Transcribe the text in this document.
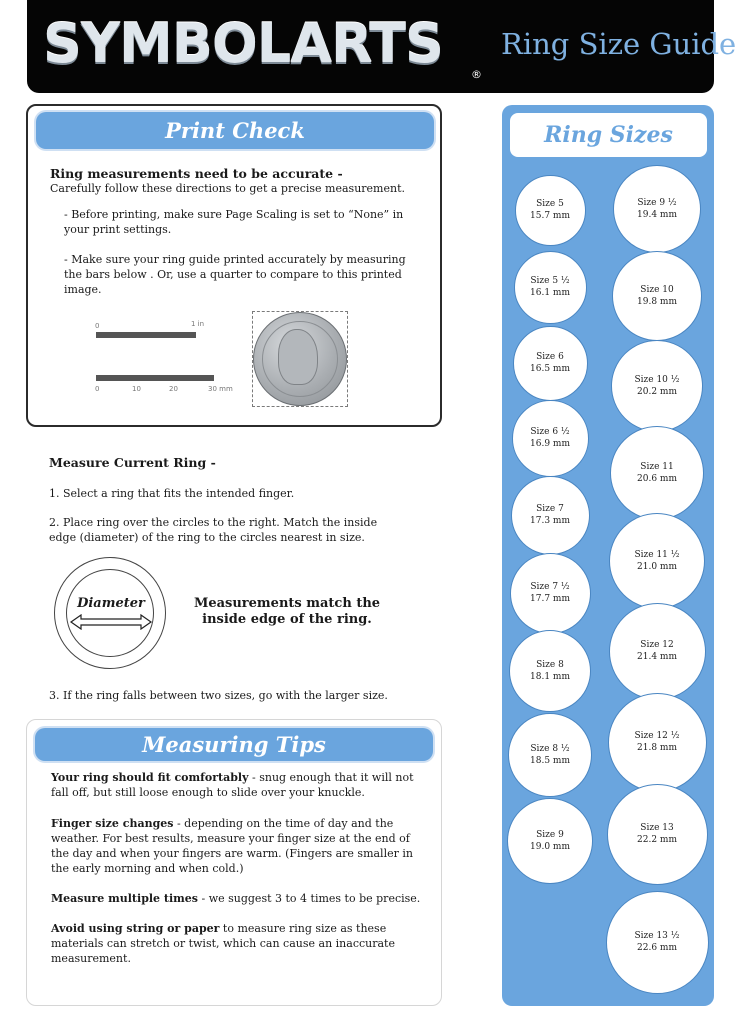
SYMBOLARTS	®
Ring Size Guide
Print Check
Ring measurements need to be accurate -
Carefully follow these directions to get a precise measurement.
- Before printing, make sure Page Scaling is set to “None” in your print settings.
- Make sure your ring guide printed accurately by measuring the bars below . Or, use a quarter to compare to this printed image.
0	1 in
0	10	20	30 mm
Measure Current Ring -
1. Select a ring that fits the intended finger.
2. Place ring over the circles to the right. Match the inside edge (diameter) of the ring to the circles nearest in size.
Diameter	Measurements match the inside edge of the ring.
3. If the ring falls between two sizes, go with the larger size.
Measuring Tips
Your ring should fit comfortably - snug enough that it will not fall off, but still loose enough to slide over your knuckle.
Finger size changes - depending on the time of day and the weather. For best results, measure your finger size at the end of the day and when your fingers are warm. (Fingers are smaller in the early morning and when cold.)
Measure multiple times - we suggest 3 to 4 times to be precise.
Avoid using string or paper to measure ring size as these materials can stretch or twist, which can cause an inaccurate measurement.
Ring Sizes
Size 5
15.7 mm
Size 5 ½
16.1 mm
Size 6
16.5 mm
Size 6 ½
16.9 mm
Size 7
17.3 mm
Size 7 ½
17.7 mm
Size 8
18.1 mm
Size 8 ½
18.5 mm
Size 9
19.0 mm
Size 9 ½
19.4 mm
Size 10
19.8 mm
Size 10 ½
20.2 mm
Size 11
20.6 mm
Size 11 ½
21.0 mm
Size 12
21.4 mm
Size 12 ½
21.8 mm
Size 13
22.2 mm
Size 13 ½
22.6 mm
